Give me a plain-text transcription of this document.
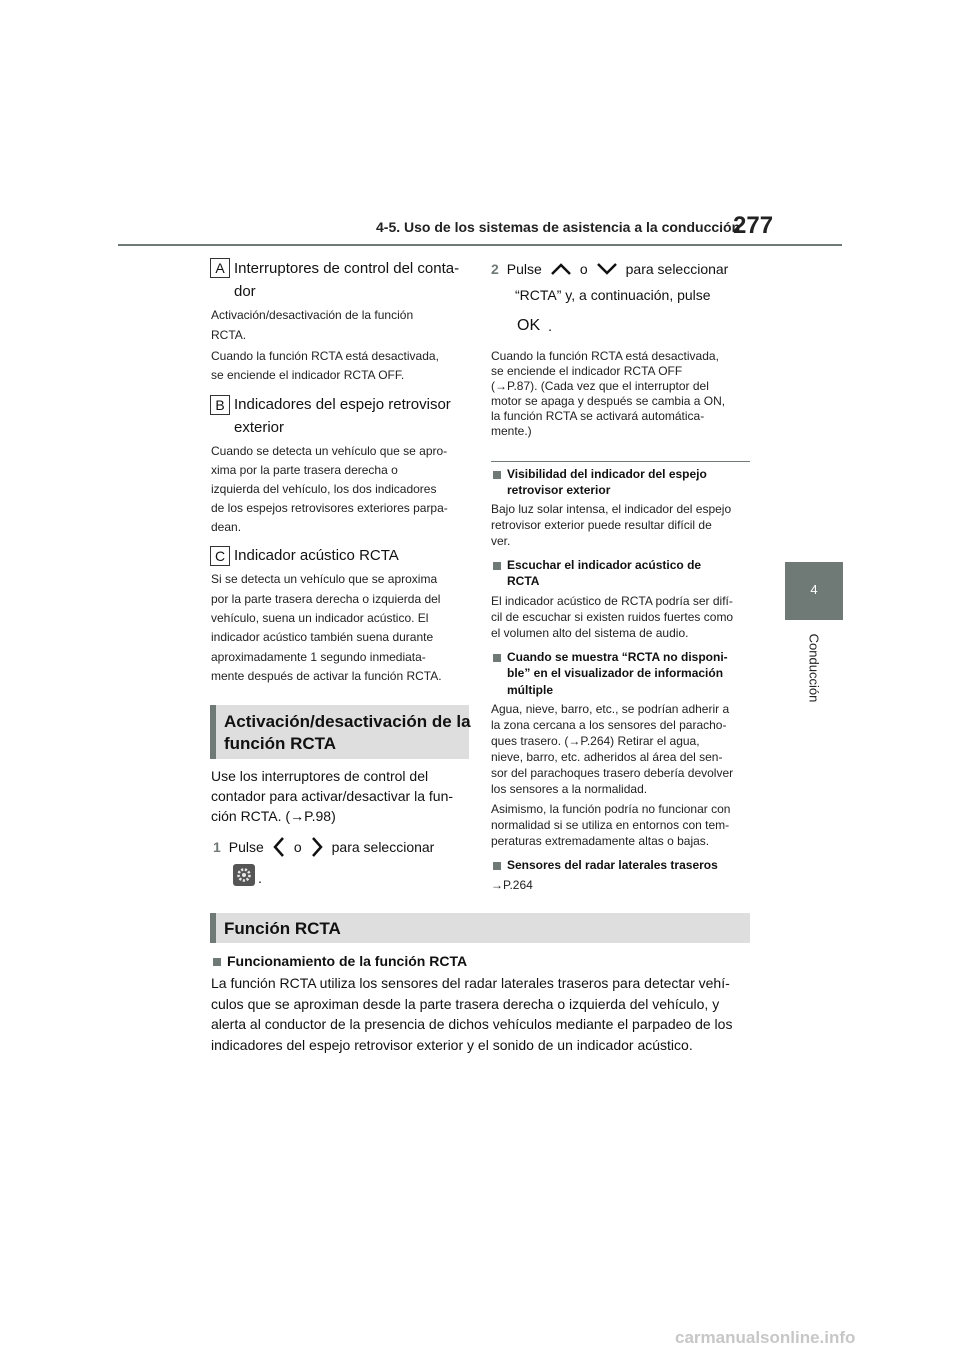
4-5. Uso de los sistemas de asistencia a la conducción
277
4
Conducción
A Interruptores de control del conta-
dor
Activación/desactivación de la función
RCTA.
Cuando la función RCTA está desactivada,
se enciende el indicador RCTA OFF.
B Indicadores del espejo retrovisor
exterior
Cuando se detecta un vehículo que se apro-
xima por la parte trasera derecha o
izquierda del vehículo, los dos indicadores
de los espejos retrovisores exteriores parpa-
dean.
C Indicador acústico RCTA
Si se detecta un vehículo que se aproxima
por la parte trasera derecha o izquierda del
vehículo, suena un indicador acústico. El
indicador acústico también suena durante
aproximadamente 1 segundo inmediata-
mente después de activar la función RCTA.
Activación/desactivación de la
función RCTA
Use los interruptores de control del
contador para activar/desactivar la fun-
ción RCTA. (→P.98)
1 Pulse o para seleccionar
.
2 Pulse	o	para seleccionar
“RCTA” y, a continuación, pulse
OK .
Cuando la función RCTA está desactivada,
se enciende el indicador RCTA OFF
(→P.87). (Cada vez que el interruptor del
motor se apaga y después se cambia a ON,
la función RCTA se activará automática-
mente.)
Visibilidad del indicador del espejo
retrovisor exterior
Bajo luz solar intensa, el indicador del espejo
retrovisor exterior puede resultar difícil de
ver.
Escuchar el indicador acústico de
RCTA
El indicador acústico de RCTA podría ser difí-
cil de escuchar si existen ruidos fuertes como
el volumen alto del sistema de audio.
Cuando se muestra “RCTA no disponi-
ble” en el visualizador de información
múltiple
Agua, nieve, barro, etc., se podrían adherir a
la zona cercana a los sensores del paracho-
ques trasero. (→P.264) Retirar el agua,
nieve, barro, etc. adheridos al área del sen-
sor del parachoques trasero debería devolver
los sensores a la normalidad.
Asimismo, la función podría no funcionar con
normalidad si se utiliza en entornos con tem-
peraturas extremadamente altas o bajas.
Sensores del radar laterales traseros
→P.264
Función RCTA
Funcionamiento de la función RCTA
La función RCTA utiliza los sensores del radar laterales traseros para detectar vehí-
culos que se aproximan desde la parte trasera derecha o izquierda del vehículo, y
alerta al conductor de la presencia de dichos vehículos mediante el parpadeo de los
indicadores del espejo retrovisor exterior y el sonido de un indicador acústico.
carmanualsonline.info
